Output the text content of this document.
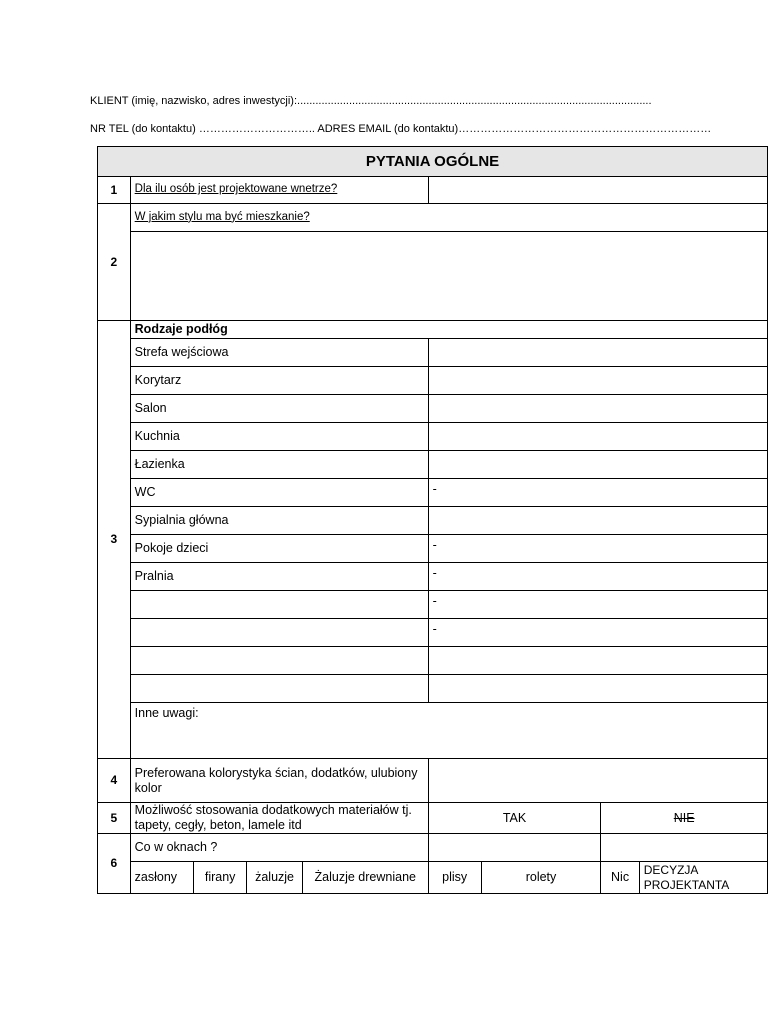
KLIENT (imię, nazwisko, adres inwestycji):....................................................................................................................
NR TEL (do kontaktu) ………………………….. ADRES EMAIL (do kontaktu)……………………………………………………………
PYTANIA OGÓLNE								
1	Dla ilu osób jest projektowane wnetrze?							
2	W jakim stylu ma być mieszkanie?							

3	Rodzaje podłóg							
	Strefa wejściowa							
	Korytarz							
	Salon							
	Kuchnia							
	Łazienka							
	WC				-			
	Sypialnia główna							
	Pokoje dzieci				-			
	Pralnia				-			
					-			
					-			

	Inne uwagi:							
4	Preferowana kolorystyka ścian, dodatków, ulubiony kolor							
5	Możliwość stosowania dodatkowych materiałów tj. tapety, cegły, beton, lamele itd				TAK		NIE	
6	Co w oknach ?							
	zasłony	firany	żaluzje	Żaluzje drewniane	plisy	rolety	Nic	DECYZJA PROJEKTANTA
